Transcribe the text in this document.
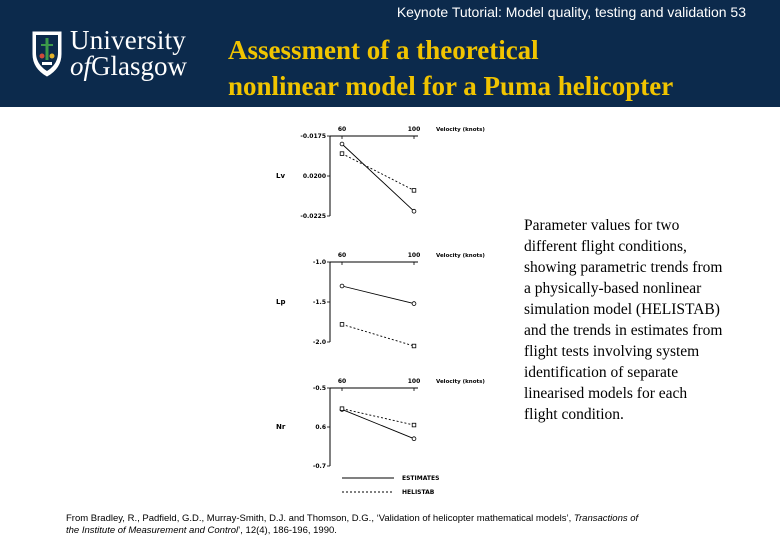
Keynote Tutorial: Model quality, testing and validation 53
University
ofGlasgow
Assessment of a theoretical
nonlinear model for a Puma helicopter
60	100	Velocity (knots)
-0.0175
0.0200
-0.0225
Lv
60	100	Velocity (knots)
-1.0
-1.5
-2.0
Lp
60	100	Velocity (knots)
-0.5
0.6
-0.7
Nr
ESTIMATES
HELISTAB
Parameter values for two
different flight conditions,
showing parametric trends from
a physically-based nonlinear
simulation model (HELISTAB)
and the trends in estimates from
flight tests involving system
identification of separate
linearised models for each
flight condition.
From Bradley, R., Padfield, G.D., Murray-Smith, D.J. and Thomson, D.G., ‘Validation of helicopter mathematical models’, Transactions of
the Institute of Measurement and Control’, 12(4), 186-196, 1990.
